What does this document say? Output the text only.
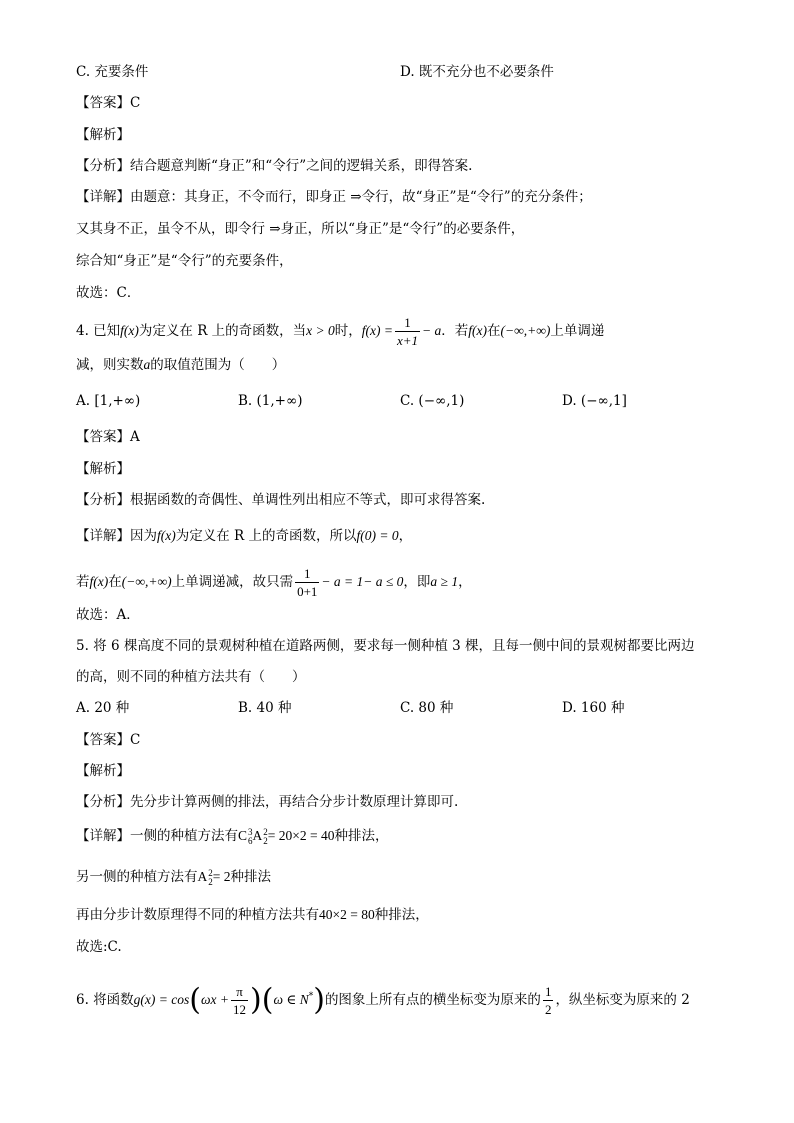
C. 充要条件	D. 既不充分也不必要条件
【答案】C
【解析】
【分析】结合题意判断“身正”和“令行”之间的逻辑关系，即得答案.
【详解】由题意：其身正，不令而行，即身正 ⇒令行，故“身正”是“令行”的充分条件；
又其身不正，虽令不从，即令行 ⇒身正，所以“身正”是“令行”的必要条件，
综合知“身正”是“令行”的充要条件，
故选：C．
4. 已知f(x)为定义在 R 上的奇函数，当x > 0时，$f(x) = \frac{1}{x+1} - a$．若f(x)在(−∞,+∞)上单调递
减，则实数a的取值范围为（　　）
A. [1,+∞)	B. (1,+∞)	C. (−∞,1)	D. (−∞,1]
【答案】A
【解析】
【分析】根据函数的奇偶性、单调性列出相应不等式，即可求得答案.
【详解】因为f(x)为定义在 R 上的奇函数，所以f(0) = 0，
若f(x)在(−∞,+∞)上单调递减，故只需 $\frac{1}{0+1} - a = 1- a \le 0$，即a ≥ 1，
故选：A．
5. 将 6 棵高度不同的景观树种植在道路两侧，要求每一侧种植 3 棵，且每一侧中间的景观树都要比两边
的高，则不同的种植方法共有（　　）
A. 20 种	B. 40 种	C. 80 种	D. 160 种
【答案】C
【解析】
【分析】先分步计算两侧的排法，再结合分步计数原理计算即可.
【详解】一侧的种植方法有C 3
6 A 2
2 = 20×2 = 40种排法，
另一侧的种植方法有A 2
2 = 2种排法
再由分步计数原理得不同的种植方法共有40×2 = 80种排法，
故选:C.
6. 将函数$g(x) = \cos(\omega x + \frac{\pi}{12} )(\omega$ ∈ N*)的图象上所有点的横坐标变为原来的 $\frac{1}{2}$ ，纵坐标变为原来的 2
